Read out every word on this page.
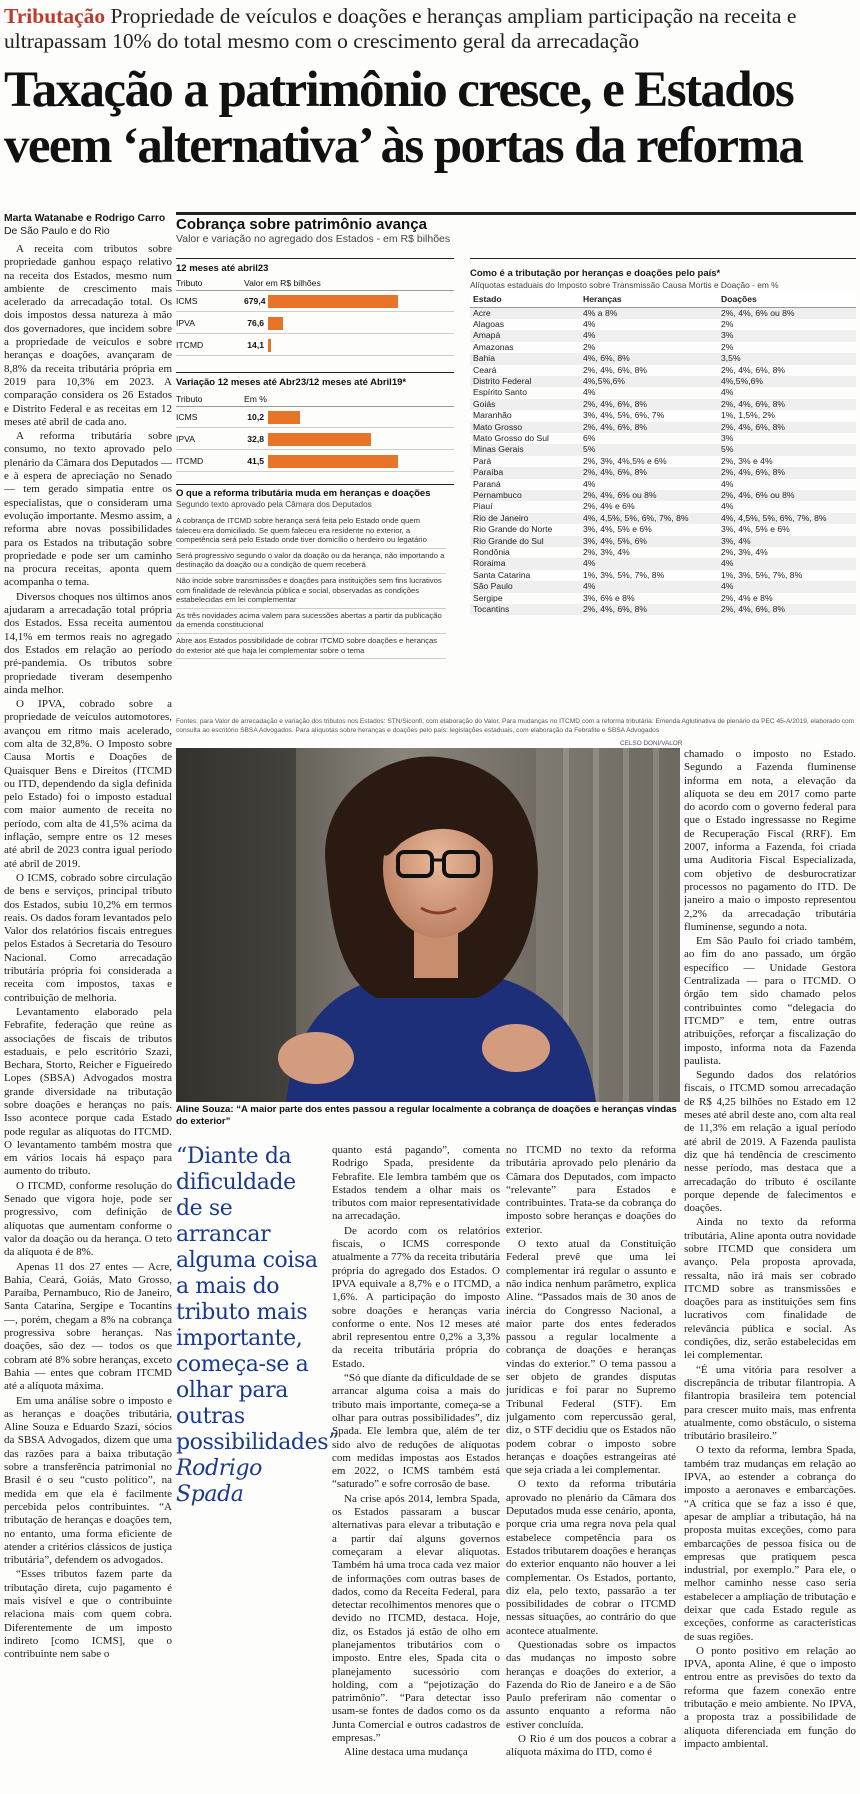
Tributação Propriedade de veículos e doações e heranças ampliam participação na receita e ultrapassam 10% do total mesmo com o crescimento geral da arrecadação
Taxação a patrimônio cresce, e Estados veem ‘alternativa’ às portas da reforma
Marta Watanabe e Rodrigo Carro
De São Paulo e do Rio

A receita com tributos sobre propriedade ganhou espaço relativo na receita dos Estados, mesmo num ambiente de crescimento mais acelerado da arrecadação total. Os dois impostos dessa natureza à mão dos governadores, que incidem sobre a propriedade de veículos e sobre heranças e doações, avançaram de 8,8% da receita tributária própria em 2019 para 10,3% em 2023. A comparação considera os 26 Estados e Distrito Federal e as receitas em 12 meses até abril de cada ano.

A reforma tributária sobre consumo, no texto aprovado pelo plenário da Câmara dos Deputados — e à espera de apreciação no Senado — tem gerado simpatia entre os especialistas, que o consideram uma evolução importante. Mesmo assim, a reforma abre novas possibilidades para os Estados na tributação sobre propriedade e pode ser um caminho na procura receitas, aponta quem acompanha o tema.

Diversos choques nos últimos anos ajudaram a arrecadação total própria dos Estados. Essa receita aumentou 14,1% em termos reais no agregado dos Estados em relação ao período pré-pandemia. Os tributos sobre propriedade tiveram desempenho ainda melhor.

O IPVA, cobrado sobre a propriedade de veículos automotores, avançou em ritmo mais acelerado, com alta de 32,8%. O Imposto sobre Causa Mortis e Doações de Quaisquer Bens e Direitos (ITCMD ou ITD, dependendo da sigla definida pelo Estado) foi o imposto estadual com maior aumento de receita no período, com alta de 41,5% acima da inflação, sempre entre os 12 meses até abril de 2023 contra igual período até abril de 2019.

O ICMS, cobrado sobre circulação de bens e serviços, principal tributo dos Estados, subiu 10,2% em termos reais. Os dados foram levantados pelo Valor dos relatórios fiscais entregues pelos Estados à Secretaria do Tesouro Nacional. Como arrecadação tributária própria foi considerada a receita com impostos, taxas e contribuição de melhoria.

Levantamento elaborado pela Febrafite, federação que reúne as associações de fiscais de tributos estaduais, e pelo escritório Szazi, Bechara, Storto, Reicher e Figueiredo Lopes (SBSA) Advogados mostra grande diversidade na tributação sobre doações e heranças no país. Isso acontece porque cada Estado pode regular as alíquotas do ITCMD. O levantamento também mostra que em vários locais há espaço para aumento do tributo.

O ITCMD, conforme resolução do Senado que vigora hoje, pode ser progressivo, com definição de alíquotas que aumentam conforme o valor da doação ou da herança. O teto da alíquota é de 8%.

Apenas 11 dos 27 entes — Acre, Bahia, Ceará, Goiás, Mato Grosso, Paraíba, Pernambuco, Rio de Janeiro, Santa Catarina, Sergipe e Tocantins —, porém, chegam a 8% na cobrança progressiva sobre heranças. Nas doações, são dez — todos os que cobram até 8% sobre heranças, exceto Bahia — entes que cobram ITCMD até a alíquota máxima.

Em uma análise sobre o imposto e as heranças e doações tributária, Aline Souza e Eduardo Szazi, sócios da SBSA Advogados, dizem que uma das razões para a baixa tributação sobre a transferência patrimonial no Brasil é o seu “custo político”, na medida em que ela é facilmente percebida pelos contribuintes. “A tributação de heranças e doações tem, no entanto, uma forma eficiente de atender a critérios clássicos de justiça tributária”, defendem os advogados.

“Esses tributos fazem parte da tributação direta, cujo pagamento é mais visível e que o contribuinte relaciona mais com quem cobra. Diferentemente de um imposto indireto [como ICMS], que o contribuinte nem sabe o

Cobrança sobre patrimônio avança
Valor e variação no agregado dos Estados - em R$ bilhões
12 meses até abril23
Tributo	Valor em R$ bilhões
ICMS	679,4
IPVA	76,6
ITCMD	14,1
Variação 12 meses até Abr23/12 meses até Abril19*
Tributo	Em %
ICMS	10,2
IPVA	32,8
ITCMD	41,5
O que a reforma tributária muda em heranças e doações
Segundo texto aprovado pela Câmara dos Deputados
A cobrança de ITCMD sobre herança será feita pelo Estado onde quem faleceu era domiciliado. Se quem faleceu era residente no exterior, a competência será pelo Estado onde tiver domicílio o herdeiro ou legatário
Será progressivo segundo o valor da doação ou da herança, não importando a destinação da doação ou a condição de quem receberá
Não incide sobre transmissões e doações para instituições sem fins lucrativos com finalidade de relevância pública e social, observadas as condições estabelecidas em lei complementar
As três novidades acima valem para sucessões abertas a partir da publicação da emenda constitucional
Abre aos Estados possibilidade de cobrar ITCMD sobre doações e heranças do exterior até que haja lei complementar sobre o tema
Como é a tributação por heranças e doações pelo país*
Alíquotas estaduais do Imposto sobre Transmissão Causa Mortis e Doação - em %
Estado	Heranças	Doações
Acre	4% a 8%	2%, 4%, 6% ou 8%
Alagoas	4%	2%
Amapá	4%	3%
Amazonas	2%	2%
Bahia	4%, 6%, 8%	3,5%
Ceará	2%, 4%, 6%, 8%	2%, 4%, 6%, 8%
Distrito Federal	4%,5%,6%	4%,5%,6%
Espírito Santo	4%	4%
Goiás	2%, 4%, 6%, 8%	2%, 4%, 6%, 8%
Maranhão	3%, 4%, 5%, 6%, 7%	1%, 1,5%, 2%
Mato Grosso	2%, 4%, 6%, 8%	2%, 4%, 6%, 8%
Mato Grosso do Sul	6%	3%
Minas Gerais	5%	5%
Pará	2%, 3%, 4%,5% e 6%	2%, 3% e 4%
Paraíba	2%, 4%, 6%, 8%	2%, 4%, 6%, 8%
Paraná	4%	4%
Pernambuco	2%, 4%, 6% ou 8%	2%, 4%, 6% ou 8%
Piauí	2%, 4% e 6%	4%
Rio de Janeiro	4%, 4,5%, 5%, 6%, 7%, 8%	4%, 4,5%, 5%, 6%, 7%, 8%
Rio Grande do Norte	3%, 4%, 5% e 6%	3%, 4%, 5% e 6%
Rio Grande do Sul	3%, 4%, 5%, 6%	3%, 4%
Rondônia	2%, 3%, 4%	2%, 3%, 4%
Roraima	4%	4%
Santa Catarina	1%, 3%, 5%, 7%, 8%	1%, 3%, 5%, 7%, 8%
São Paulo	4%	4%
Sergipe	3%, 6% e 8%	2%, 4% e 8%
Tocantins	2%, 4%, 6%, 8%	2%, 4%, 6%, 8%
Fontes: para Valor de arrecadação e variação dos tributos nos Estados: STN/Siconfi, com elaboração do Valor. Para mudanças no ITCMD com a reforma tributária: Emenda Aglutinativa de plenário da PEC 45-A/2019, elaborado com consulta ao escritório SBSA Advogados. Para alíquotas sobre heranças e doações pelo país: legislações estaduais, com elaboração da Febrafite e SBSA Advogados
CELSO DONI/VALOR
Aline Souza: “A maior parte dos entes passou a regular localmente a cobrança de doações e heranças vindas do exterior”
“Diante da dificuldade de se arrancar alguma coisa a mais do tributo mais importante, começa-se a olhar para outras possibilidades” Rodrigo Spada

quanto está pagando”, comenta Rodrigo Spada, presidente da Febrafite. Ele lembra também que os Estados tendem a olhar mais os tributos com maior representatividade na arrecadação.

De acordo com os relatórios fiscais, o ICMS corresponde atualmente a 77% da receita tributária própria do agregado dos Estados. O IPVA equivale a 8,7% e o ITCMD, a 1,6%. A participação do imposto sobre doações e heranças varia conforme o ente. Nos 12 meses até abril representou entre 0,2% a 3,3% da receita tributária própria do Estado.

“Só que diante da dificuldade de se arrancar alguma coisa a mais do tributo mais importante, começa-se a olhar para outras possibilidades”, diz Spada. Ele lembra que, além de ter sido alvo de reduções de alíquotas com medidas impostas aos Estados em 2022, o ICMS também está “saturado” e sofre corrosão de base.

Na crise após 2014, lembra Spada, os Estados passaram a buscar alternativas para elevar a tributação e a partir daí alguns governos começaram a elevar alíquotas. Também há uma troca cada vez maior de informações com outras bases de dados, como da Receita Federal, para detectar recolhimentos menores que o devido no ITCMD, destaca. Hoje, diz, os Estados já estão de olho em planejamentos tributários com o imposto. Entre eles, Spada cita o planejamento sucessório com holding, com a “pejotização do patrimônio”. “Para detectar isso usam-se fontes de dados como os da Junta Comercial e outros cadastros de empresas.”

Aline destaca uma mudança

no ITCMD no texto da reforma tributária aprovado pelo plenário da Câmara dos Deputados, com impacto “relevante” para Estados e contribuintes. Trata-se da cobrança do imposto sobre heranças e doações do exterior.

O texto atual da Constituição Federal prevê que uma lei complementar irá regular o assunto e não indica nenhum parâmetro, explica Aline. “Passados mais de 30 anos de inércia do Congresso Nacional, a maior parte dos entes federados passou a regular localmente a cobrança de doações e heranças vindas do exterior.” O tema passou a ser objeto de grandes disputas jurídicas e foi parar no Supremo Tribunal Federal (STF). Em julgamento com repercussão geral, diz, o STF decidiu que os Estados não podem cobrar o imposto sobre heranças e doações estrangeiras até que seja criada a lei complementar.

O texto da reforma tributária aprovado no plenário da Câmara dos Deputados muda esse cenário, aponta, porque cria uma regra nova pela qual estabelece competência para os Estados tributarem doações e heranças do exterior enquanto não houver a lei complementar. Os Estados, portanto, diz ela, pelo texto, passarão a ter possibilidades de cobrar o ITCMD nessas situações, ao contrário do que acontece atualmente.

Questionadas sobre os impactos das mudanças no imposto sobre heranças e doações do exterior, a Fazenda do Rio de Janeiro e a de São Paulo preferiram não comentar o assunto enquanto a reforma não estiver concluída.

O Rio é um dos poucos a cobrar a alíquota máxima do ITD, como é

chamado o imposto no Estado. Segundo a Fazenda fluminense informa em nota, a elevação da alíquota se deu em 2017 como parte do acordo com o governo federal para que o Estado ingressasse no Regime de Recuperação Fiscal (RRF). Em 2007, informa a Fazenda, foi criada uma Auditoria Fiscal Especializada, com objetivo de desburocratizar processos no pagamento do ITD. De janeiro a maio o imposto representou 2,2% da arrecadação tributária fluminense, segundo a nota.

Em São Paulo foi criado também, ao fim do ano passado, um órgão específico — Unidade Gestora Centralizada — para o ITCMD. O órgão tem sido chamado pelos contribuintes como “delegacia do ITCMD” e tem, entre outras atribuições, reforçar a fiscalização do imposto, informa nota da Fazenda paulista.

Segundo dados dos relatórios fiscais, o ITCMD somou arrecadação de R$ 4,25 bilhões no Estado em 12 meses até abril deste ano, com alta real de 11,3% em relação a igual período até abril de 2019. A Fazenda paulista diz que há tendência de crescimento nesse período, mas destaca que a arrecadação do tributo é oscilante porque depende de falecimentos e doações.

Ainda no texto da reforma tributária, Aline aponta outra novidade sobre ITCMD que considera um avanço. Pela proposta aprovada, ressalta, não irá mais ser cobrado ITCMD sobre as transmissões e doações para as instituições sem fins lucrativos com finalidade de relevância pública e social. As condições, diz, serão estabelecidas em lei complementar.

“É uma vitória para resolver a discrepância de tributar filantropia. A filantropia brasileira tem potencial para crescer muito mais, mas enfrenta atualmente, como obstáculo, o sistema tributário brasileiro.”

O texto da reforma, lembra Spada, também traz mudanças em relação ao IPVA, ao estender a cobrança do imposto a aeronaves e embarcações. “A crítica que se faz a isso é que, apesar de ampliar a tributação, há na proposta muitas exceções, como para embarcações de pessoa física ou de empresas que pratiquem pesca industrial, por exemplo.” Para ele, o melhor caminho nesse caso seria estabelecer a ampliação de tributação e deixar que cada Estado regule as exceções, conforme as características de suas regiões.

O ponto positivo em relação ao IPVA, aponta Aline, é que o imposto entrou entre as previsões do texto da reforma que fazem conexão entre tributação e meio ambiente. No IPVA, a proposta traz a possibilidade de alíquota diferenciada em função do impacto ambiental.
